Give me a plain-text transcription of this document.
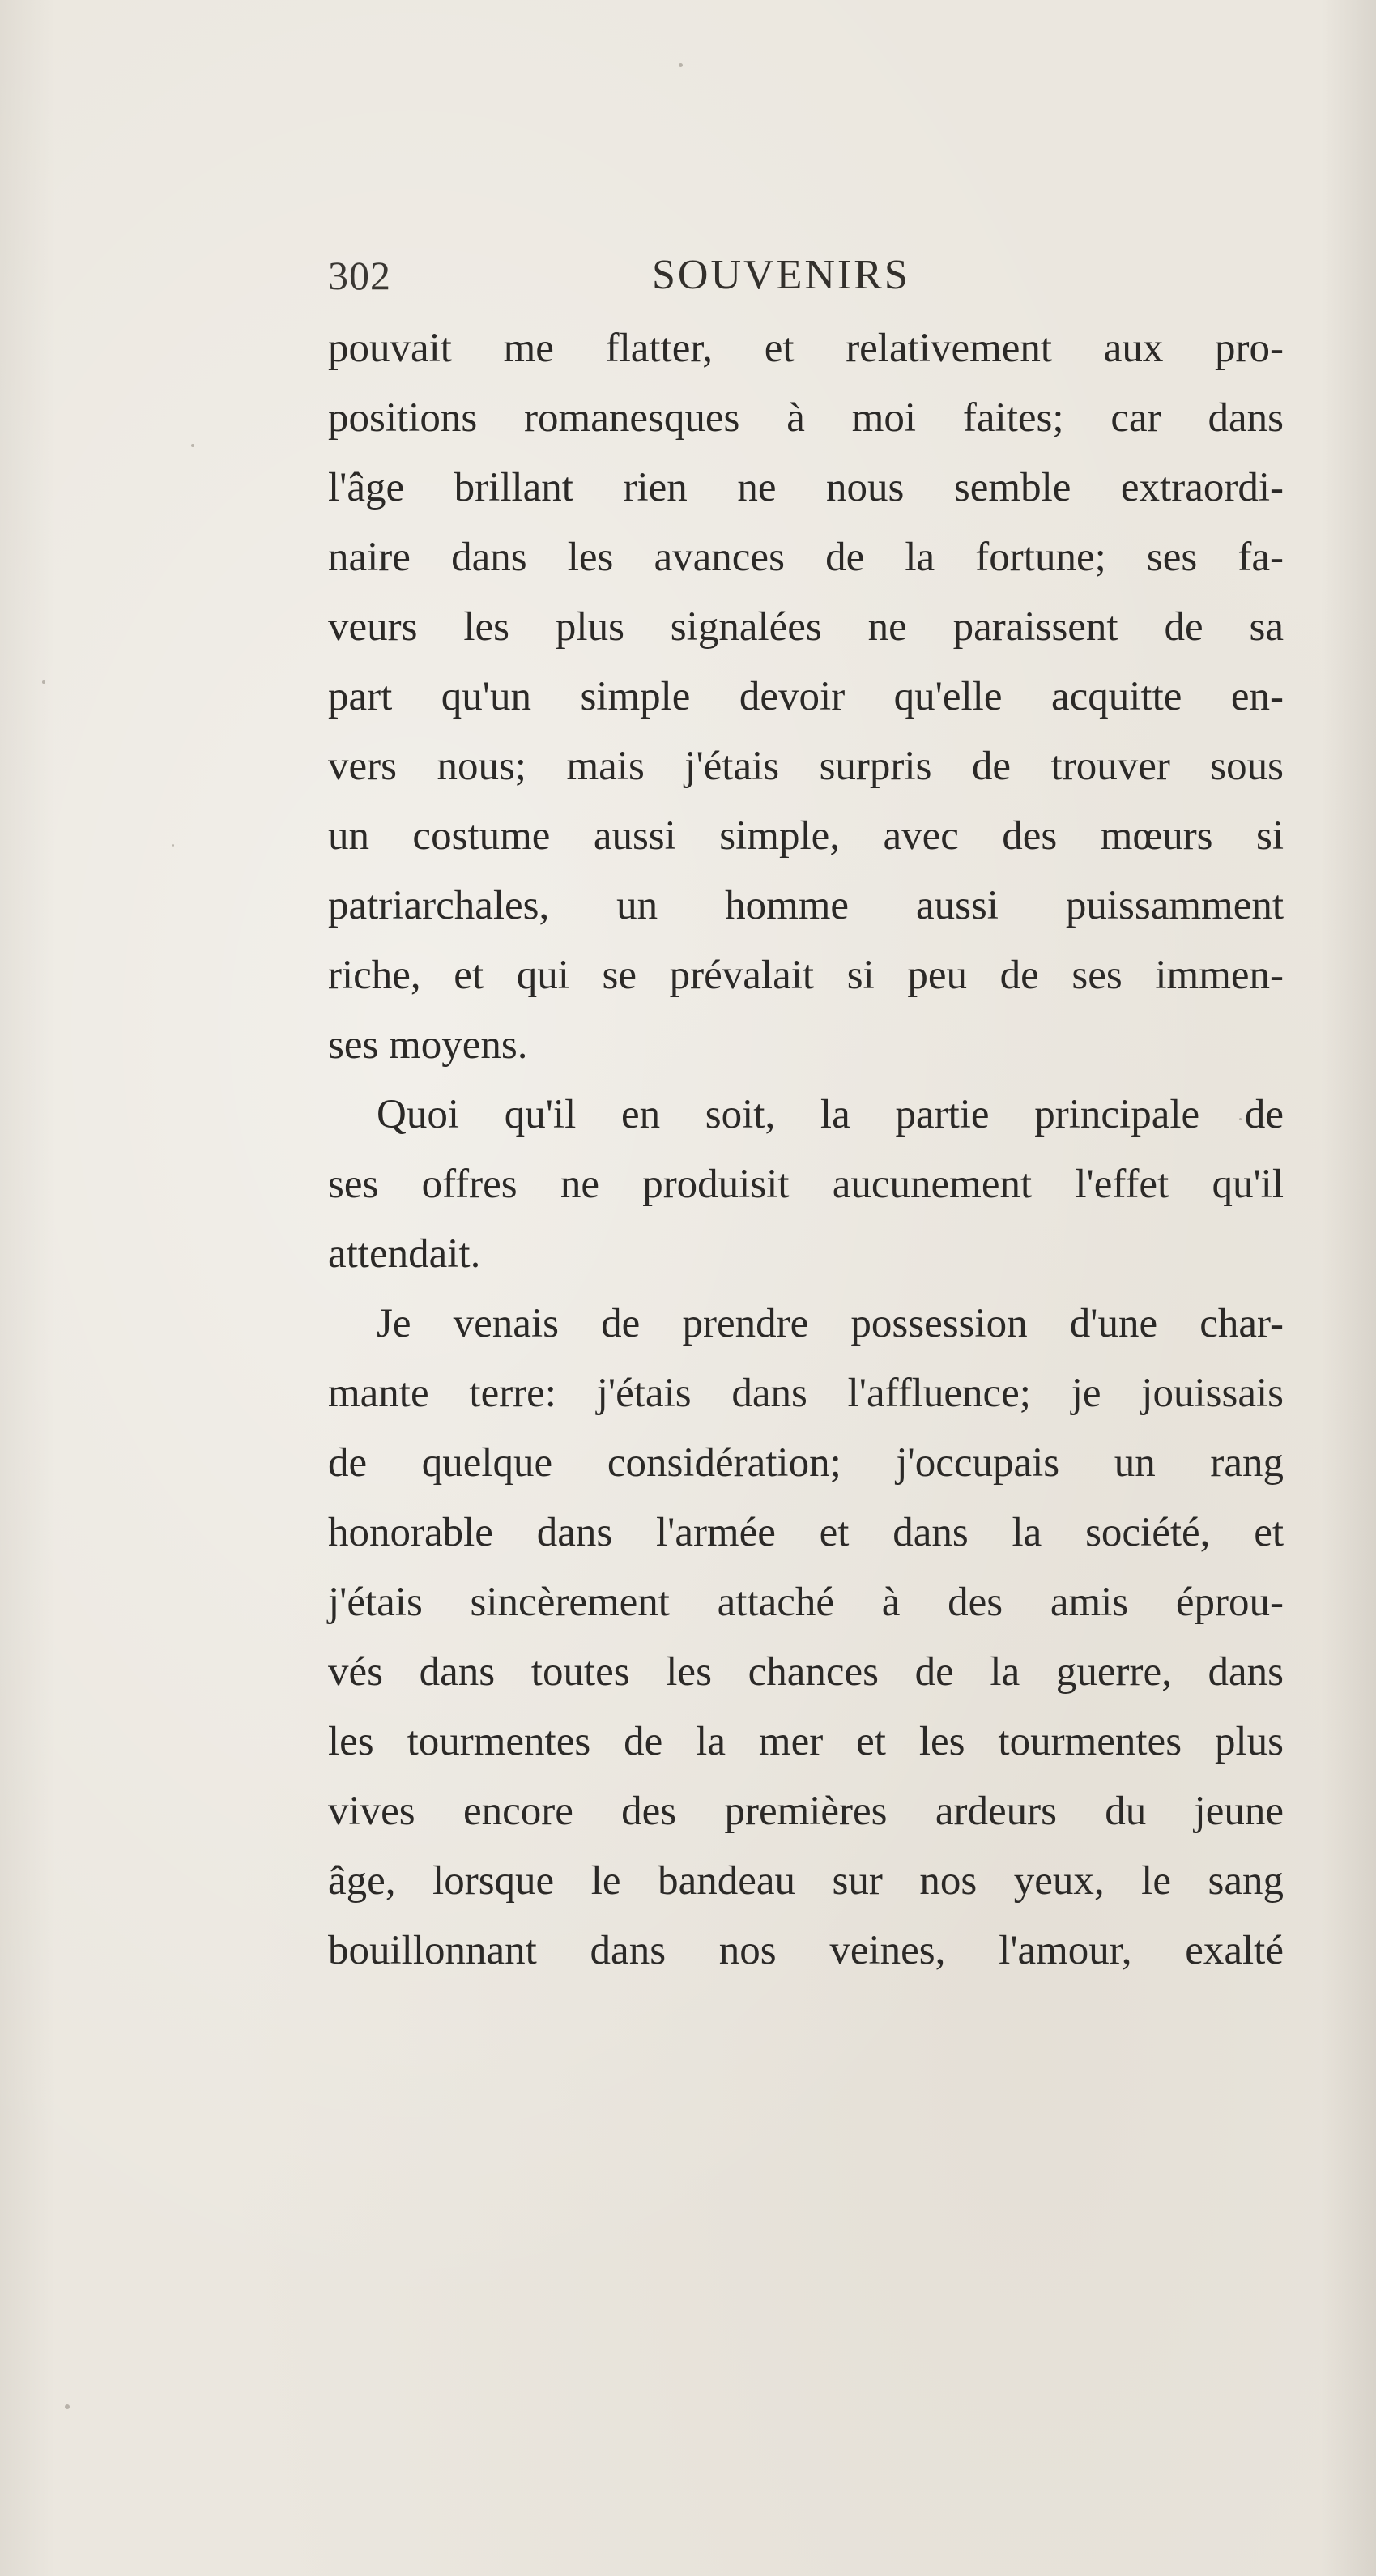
302	SOUVENIRS
pouvait me flatter, et relativement aux pro-
positions romanesques à moi faites; car dans
l'âge brillant rien ne nous semble extraordi-
naire dans les avances de la fortune; ses fa-
veurs les plus signalées ne paraissent de sa
part qu'un simple devoir qu'elle acquitte en-
vers nous; mais j'étais surpris de trouver sous
un costume aussi simple, avec des mœurs si
patriarchales, un homme aussi puissamment
riche, et qui se prévalait si peu de ses immen-
ses moyens.
Quoi qu'il en soit, la partie principale de
ses offres ne produisit aucunement l'effet qu'il
attendait.
Je venais de prendre possession d'une char-
mante terre: j'étais dans l'affluence; je jouissais
de quelque considération; j'occupais un rang
honorable dans l'armée et dans la société, et
j'étais sincèrement attaché à des amis éprou-
vés dans toutes les chances de la guerre, dans
les tourmentes de la mer et les tourmentes plus
vives encore des premières ardeurs du jeune
âge, lorsque le bandeau sur nos yeux, le sang
bouillonnant dans nos veines, l'amour, exalté
